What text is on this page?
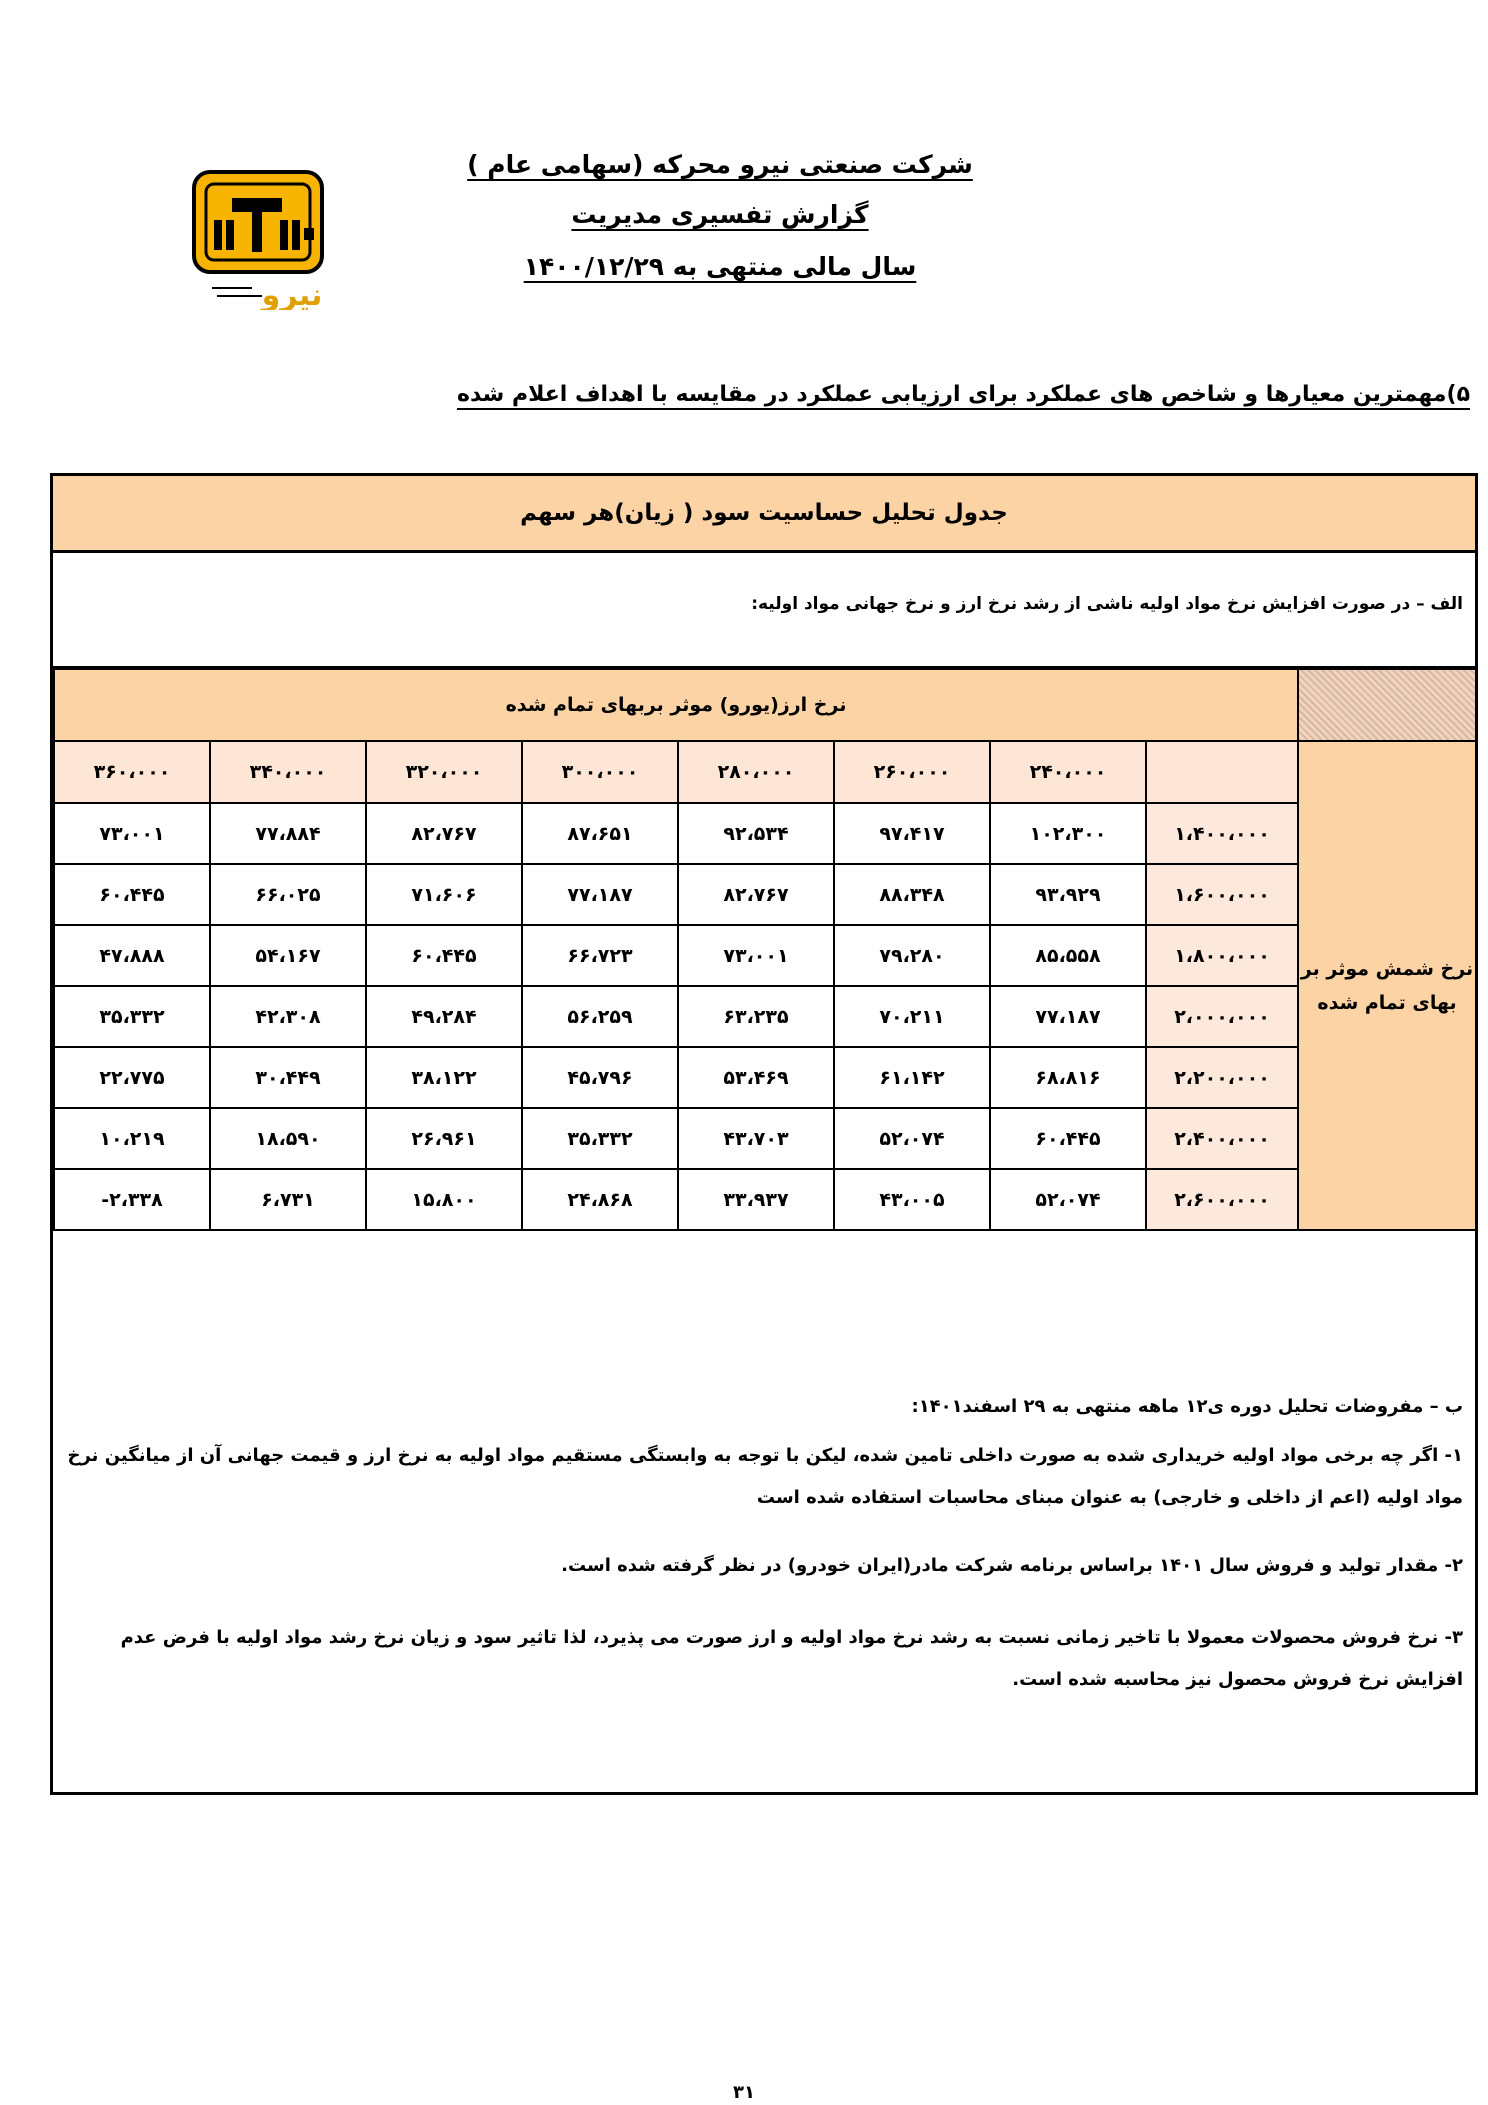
شرکت صنعتی نیرو محرکه (سهامی عام )
گزارش تفسیری مدیریت
سال مالی منتهی به ۱۴۰۰/۱۲/۲۹
نیرو
۵)مهمترین معیارها و شاخص های عملکرد برای ارزیابی عملکرد در مقایسه با اهداف اعلام شده
جدول تحلیل حساسیت سود ( زیان)هر سهم
الف – در صورت افزایش نرخ مواد اولیه ناشی از رشد نرخ ارز و نرخ جهانی مواد اولیه:
نرخ ارز(یورو) موثر بربهای تمام شده								
۳۶۰،۰۰۰	۳۴۰،۰۰۰	۳۲۰،۰۰۰	۳۰۰،۰۰۰	۲۸۰،۰۰۰	۲۶۰،۰۰۰	۲۴۰،۰۰۰		نرخ شمش موثر بر بهای تمام شده
۷۳،۰۰۱	۷۷،۸۸۴	۸۲،۷۶۷	۸۷،۶۵۱	۹۲،۵۳۴	۹۷،۴۱۷	۱۰۲،۳۰۰	۱،۴۰۰،۰۰۰	
۶۰،۴۴۵	۶۶،۰۲۵	۷۱،۶۰۶	۷۷،۱۸۷	۸۲،۷۶۷	۸۸،۳۴۸	۹۳،۹۲۹	۱،۶۰۰،۰۰۰	
۴۷،۸۸۸	۵۴،۱۶۷	۶۰،۴۴۵	۶۶،۷۲۳	۷۳،۰۰۱	۷۹،۲۸۰	۸۵،۵۵۸	۱،۸۰۰،۰۰۰	
۳۵،۳۳۲	۴۲،۳۰۸	۴۹،۲۸۴	۵۶،۲۵۹	۶۳،۲۳۵	۷۰،۲۱۱	۷۷،۱۸۷	۲،۰۰۰،۰۰۰	
۲۲،۷۷۵	۳۰،۴۴۹	۳۸،۱۲۲	۴۵،۷۹۶	۵۳،۴۶۹	۶۱،۱۴۲	۶۸،۸۱۶	۲،۲۰۰،۰۰۰	
۱۰،۲۱۹	۱۸،۵۹۰	۲۶،۹۶۱	۳۵،۳۳۲	۴۳،۷۰۳	۵۲،۰۷۴	۶۰،۴۴۵	۲،۴۰۰،۰۰۰	
-۲،۳۳۸	۶،۷۳۱	۱۵،۸۰۰	۲۴،۸۶۸	۳۳،۹۳۷	۴۳،۰۰۵	۵۲،۰۷۴	۲،۶۰۰،۰۰۰	

ب – مفروضات تحلیل دوره ی۱۲ ماهه منتهی به ۲۹ اسفند۱۴۰۱:

۱- اگر چه برخی مواد اولیه خریداری شده به صورت داخلی تامین شده، لیکن با توجه به وابستگی مستقیم مواد اولیه به نرخ ارز و قیمت جهانی آن از میانگین نرخ مواد اولیه (اعم از داخلی و خارجی) به عنوان مبنای محاسبات استفاده شده است

۲- مقدار تولید و فروش سال ۱۴۰۱ براساس برنامه شرکت مادر(ایران خودرو) در نظر گرفته شده است.

۳- نرخ فروش محصولات معمولا با تاخیر زمانی نسبت به رشد نرخ مواد اولیه و ارز صورت می پذیرد، لذا تاثیر سود و زیان نرخ رشد مواد اولیه با فرض عدم افزایش نرخ فروش محصول نیز محاسبه شده است.

۳۱
